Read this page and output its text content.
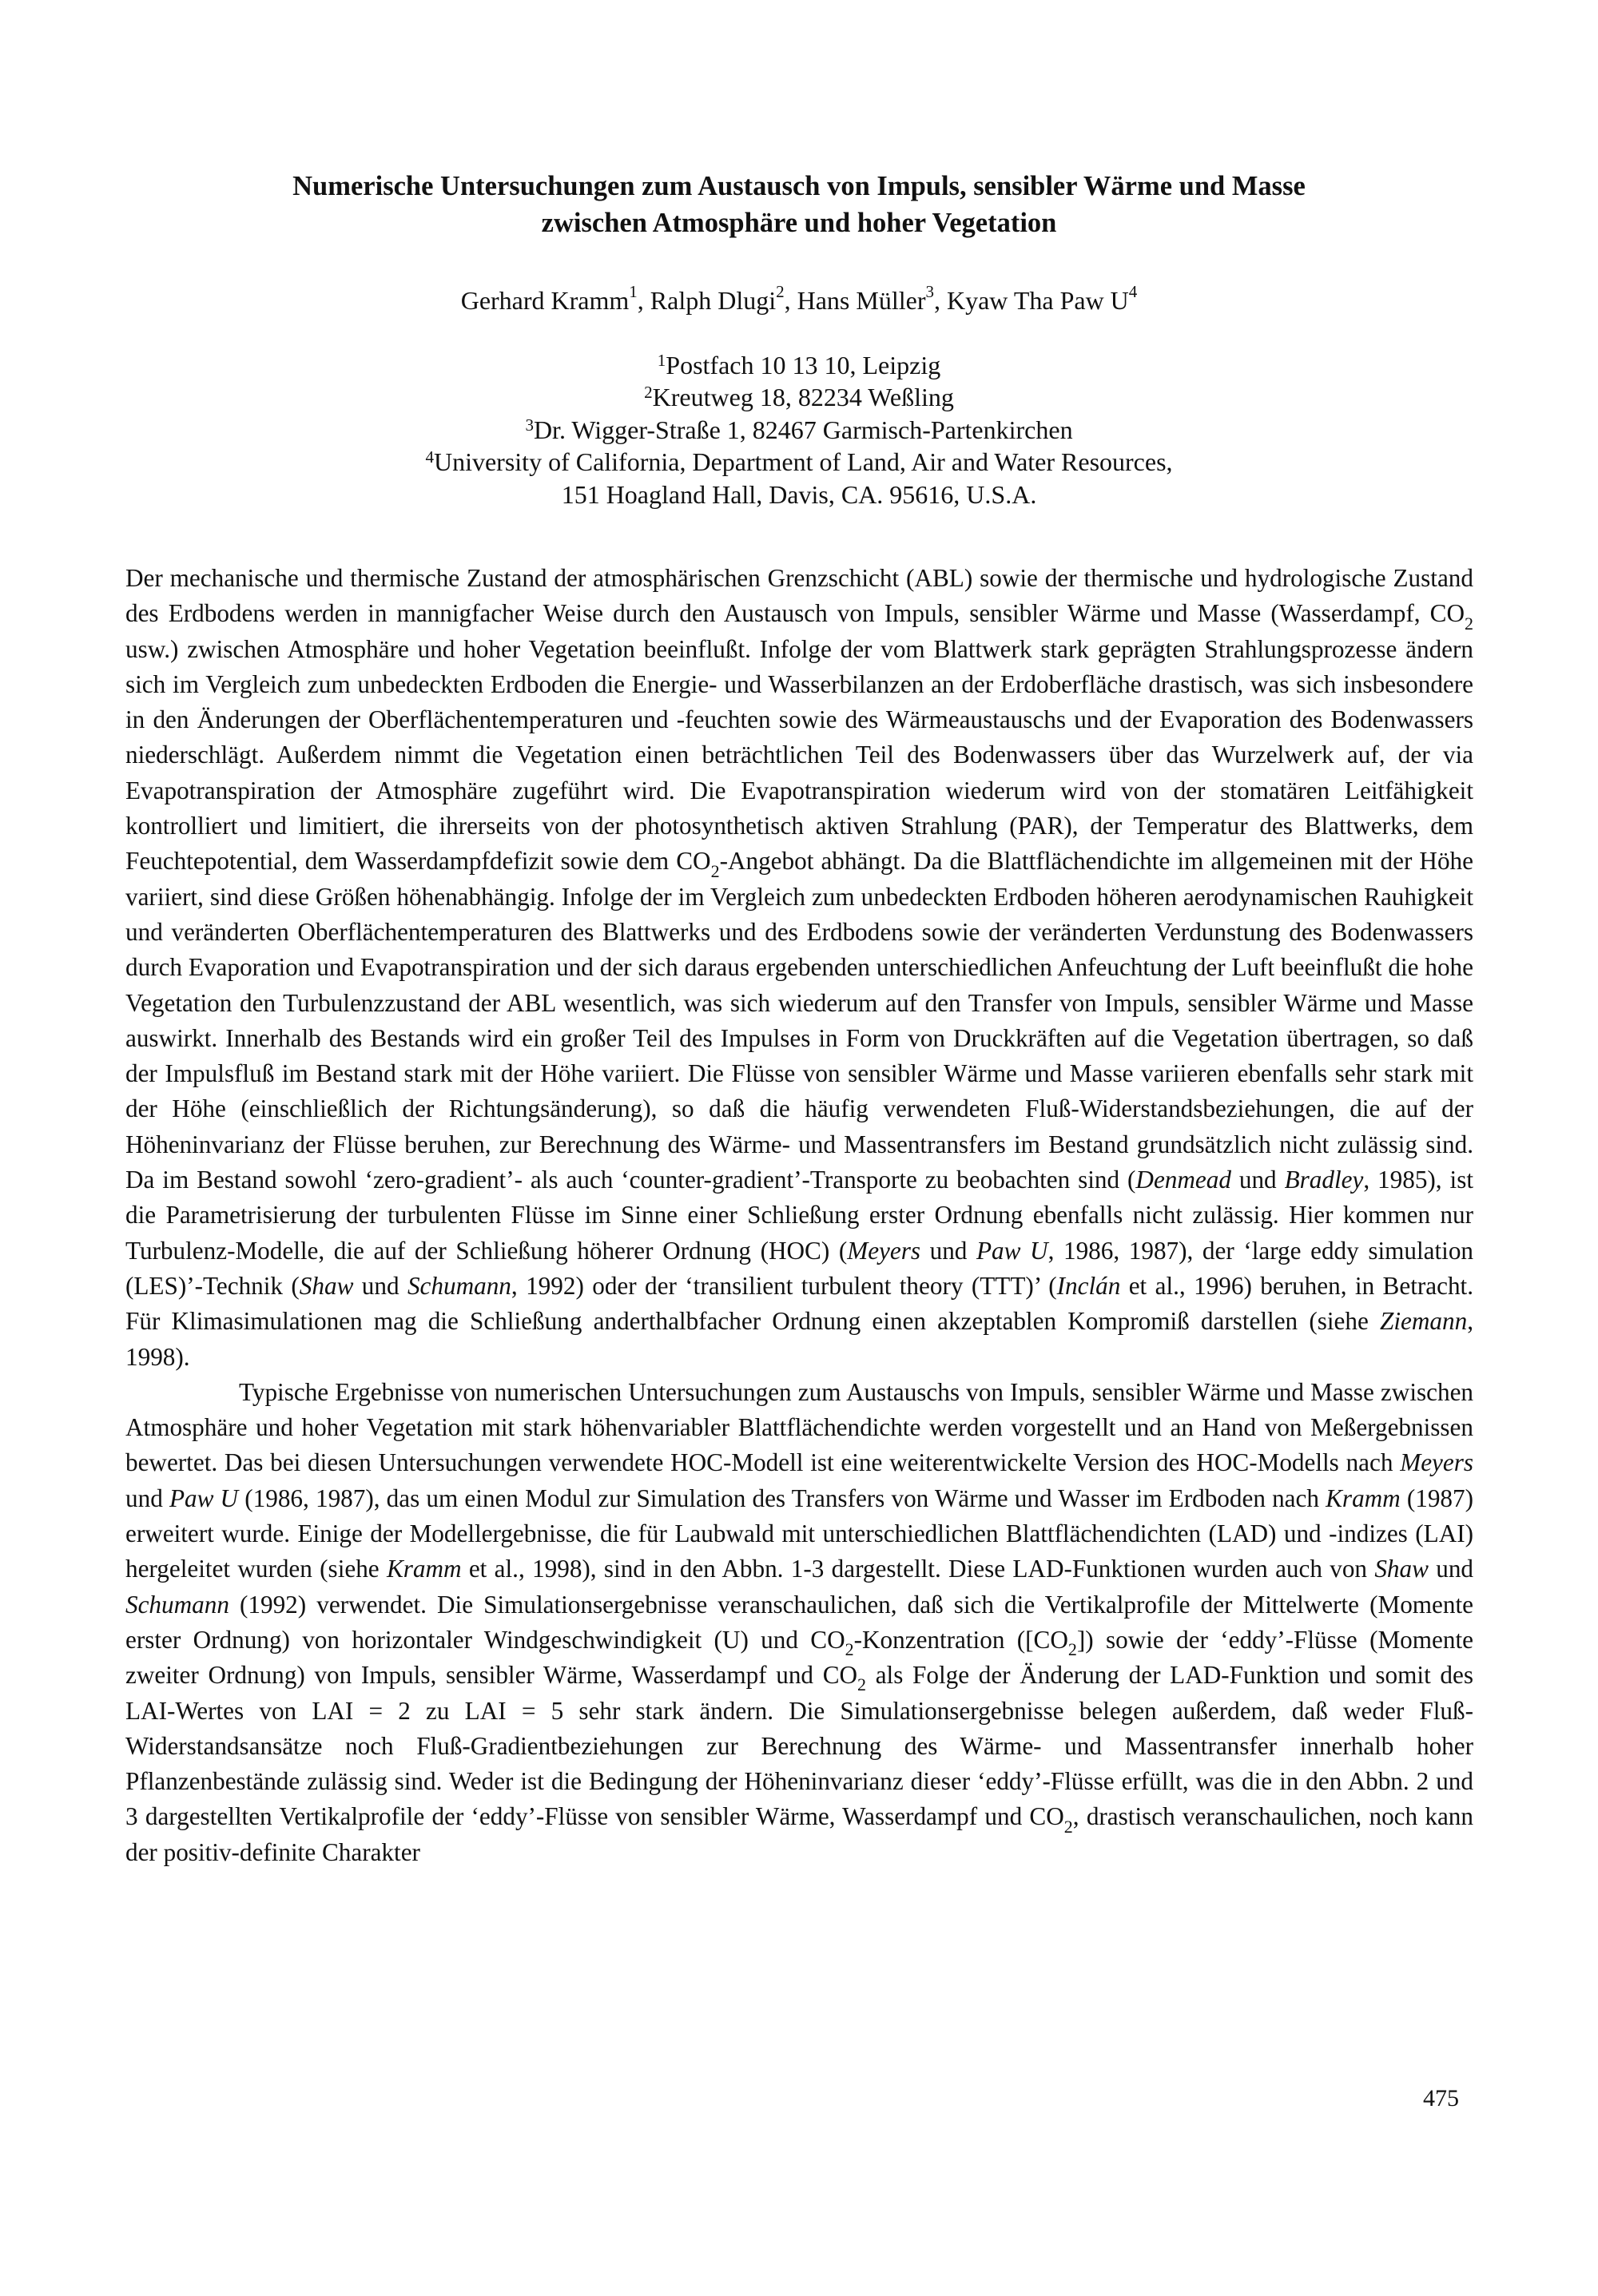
Numerische Untersuchungen zum Austausch von Impuls, sensibler Wärme und Masse
zwischen Atmosphäre und hoher Vegetation
Gerhard Kramm$^1$, Ralph Dlugi$^2$, Hans Müller$^3$, Kyaw Tha Paw $U^4$
$^1$Postfach 10 13 10, Leipzig
$^2$Kreutweg 18, 82234 Weßling
$^3$Dr. Wigger-Straße 1, 82467 Garmisch-Partenkirchen
$^4$University of California, Department of Land, Air and Water Resources,
151 Hoagland Hall, Davis, CA. 95616, U.S.A.

Der mechanische und thermische Zustand der atmosphärischen Grenzschicht (ABL) sowie der thermische und hydrologische Zustand des Erdbodens werden in mannigfacher Weise durch den Austausch von Impuls, sensibler Wärme und Masse (Wasserdampf, $CO_2$ usw.) zwischen Atmosphäre und hoher Vegetation beeinflußt. Infolge der vom Blattwerk stark geprägten Strahlungsprozesse ändern sich im Vergleich zum unbedeckten Erdboden die Energie- und Wasserbilanzen an der Erdoberfläche drastisch, was sich insbesondere in den Änderungen der Oberflächentemperaturen und -feuchten sowie des Wärmeaustauschs und der Evaporation des Bodenwassers niederschlägt. Außerdem nimmt die Vegetation einen beträchtlichen Teil des Bodenwassers über das Wurzelwerk auf, der via Evapotranspiration der Atmosphäre zugeführt wird. Die Evapotranspiration wiederum wird von der stomatären Leitfähigkeit kontrolliert und limitiert, die ihrerseits von der photosynthetisch aktiven Strahlung (PAR), der Temperatur des Blattwerks, dem Feuchtepotential, dem Wasserdampfdefizit sowie dem $CO_2$-Angebot abhängt. Da die Blattflächendichte im allgemeinen mit der Höhe variiert, sind diese Größen höhenabhängig. Infolge der im Vergleich zum unbedeckten Erdboden höheren aerodynamischen Rauhigkeit und veränderten Oberflächentemperaturen des Blattwerks und des Erdbodens sowie der veränderten Verdunstung des Bodenwassers durch Evaporation und Evapotranspiration und der sich daraus ergebenden unterschiedlichen Anfeuchtung der Luft beeinflußt die hohe Vegetation den Turbulenzzustand der ABL wesentlich, was sich wiederum auf den Transfer von Impuls, sensibler Wärme und Masse auswirkt. Innerhalb des Bestands wird ein großer Teil des Impulses in Form von Druckkräften auf die Vegetation übertragen, so daß der Impulsfluß im Bestand stark mit der Höhe variiert. Die Flüsse von sensibler Wärme und Masse variieren ebenfalls sehr stark mit der Höhe (einschließlich der Richtungsänderung), so daß die häufig verwendeten Fluß-Widerstandsbeziehungen, die auf der Höheninvarianz der Flüsse beruhen, zur Berechnung des Wärme- und Massentransfers im Bestand grundsätzlich nicht zulässig sind. Da im Bestand sowohl ‘zero-gradient’- als auch ‘counter-gradient’-Transporte zu beobachten sind (Denmead und Bradley, 1985), ist die Parametrisierung der turbulenten Flüsse im Sinne einer Schließung erster Ordnung ebenfalls nicht zulässig. Hier kommen nur Turbulenz-Modelle, die auf der Schließung höherer Ordnung (HOC) (Meyers und Paw U, 1986, 1987), der ‘large eddy simulation (LES)’-Technik (Shaw und Schumann, 1992) oder der ‘transilient turbulent theory (TTT)’ (Inclán et al., 1996) beruhen, in Betracht. Für Klimasimulationen mag die Schließung anderthalbfacher Ordnung einen akzeptablen Kompromiß darstellen (siehe Ziemann, 1998).

Typische Ergebnisse von numerischen Untersuchungen zum Austauschs von Impuls, sensibler Wärme und Masse zwischen Atmosphäre und hoher Vegetation mit stark höhenvariabler Blattflächendichte werden vorgestellt und an Hand von Meßergebnissen bewertet. Das bei diesen Untersuchungen verwendete HOC-Modell ist eine weiterentwickelte Version des HOC-Modells nach Meyers und Paw U (1986, 1987), das um einen Modul zur Simulation des Transfers von Wärme und Wasser im Erdboden nach Kramm (1987) erweitert wurde. Einige der Modellergebnisse, die für Laubwald mit unterschiedlichen Blattflächendichten (LAD) und -indizes (LAI) hergeleitet wurden (siehe Kramm et al., 1998), sind in den Abbn. 1-3 dargestellt. Diese LAD-Funktionen wurden auch von Shaw und Schumann (1992) verwendet. Die Simulationsergebnisse veranschaulichen, daß sich die Vertikalprofile der Mittelwerte (Momente erster Ordnung) von horizontaler Windgeschwindigkeit (U) und $CO_2$-Konzentration $([CO_2])$ sowie der ‘eddy’-Flüsse (Momente zweiter Ordnung) von Impuls, sensibler Wärme, Wasserdampf und $CO_2$ als Folge der Änderung der LAD-Funktion und somit des LAI-Wertes von LAI = 2 zu LAI = 5 sehr stark ändern. Die Simulationsergebnisse belegen außerdem, daß weder Fluß-Widerstandsansätze noch Fluß-Gradientbeziehungen zur Berechnung des Wärme- und Massentransfer innerhalb hoher Pflanzenbestände zulässig sind. Weder ist die Bedingung der Höheninvarianz dieser ‘eddy’-Flüsse erfüllt, was die in den Abbn. 2 und 3 dargestellten Vertikalprofile der ‘eddy’-Flüsse von sensibler Wärme, Wasserdampf und $CO_2$, drastisch veranschaulichen, noch kann der positiv-definite Charakter

475
